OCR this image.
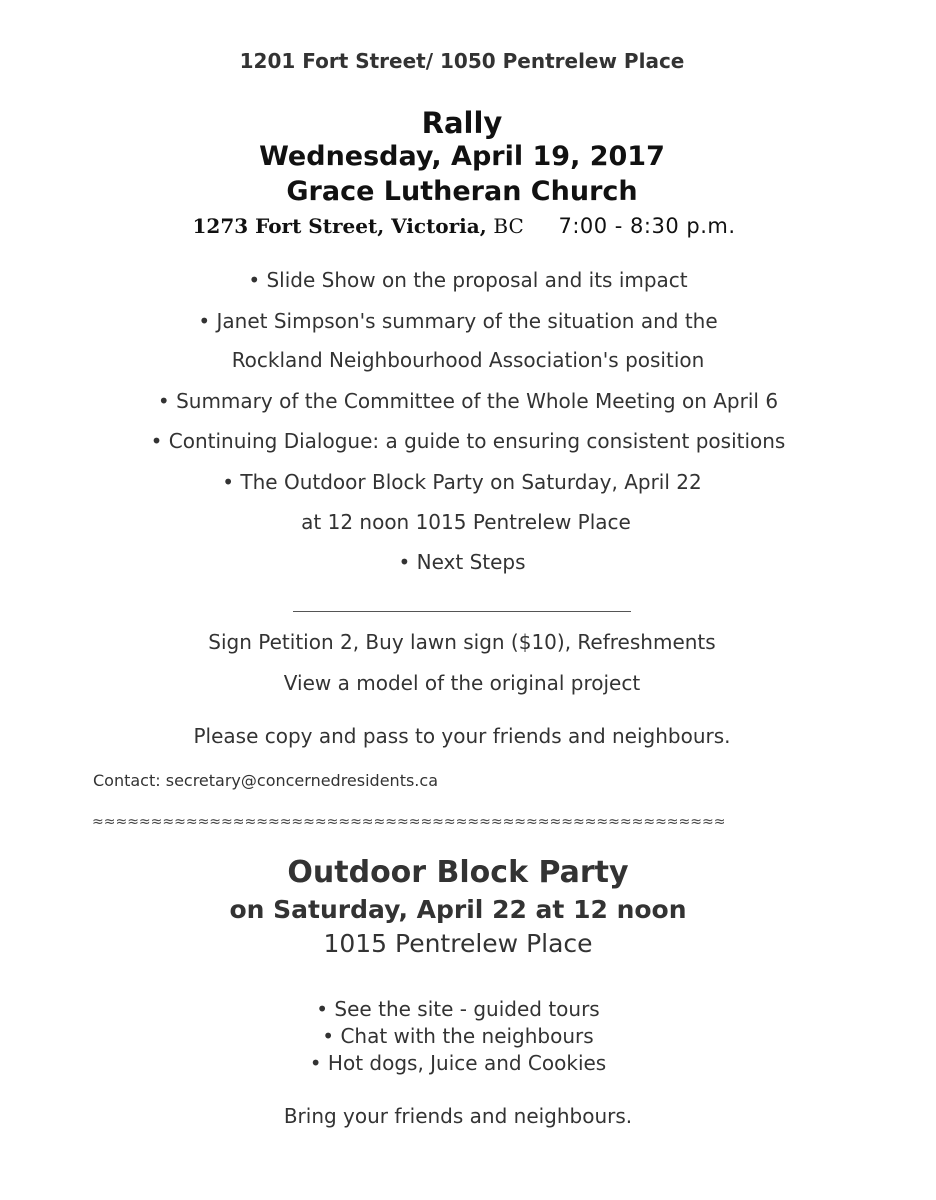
1201 Fort Street/ 1050 Pentrelew Place
Rally
Wednesday, April 19, 2017
Grace Lutheran Church
1273 Fort Street, Victoria, BC 7:00 - 8:30 p.m.
• Slide Show on the proposal and its impact
• Janet Simpson's summary of the situation and the
Rockland Neighbourhood Association's position
• Summary of the Committee of the Whole Meeting on April 6
• Continuing Dialogue: a guide to ensuring consistent positions
• The Outdoor Block Party on Saturday, April 22
at 12 noon 1015 Pentrelew Place
• Next Steps
Sign Petition 2, Buy lawn sign ($10), Refreshments
View a model of the original project
Please copy and pass to your friends and neighbours.
Contact: secretary@concernedresidents.ca
≈≈≈≈≈≈≈≈≈≈≈≈≈≈≈≈≈≈≈≈≈≈≈≈≈≈≈≈≈≈≈≈≈≈≈≈≈≈≈≈≈≈≈≈≈≈≈≈≈≈≈≈≈≈
Outdoor Block Party
on Saturday, April 22 at 12 noon
1015 Pentrelew Place
• See the site - guided tours
• Chat with the neighbours
• Hot dogs, Juice and Cookies
Bring your friends and neighbours.
